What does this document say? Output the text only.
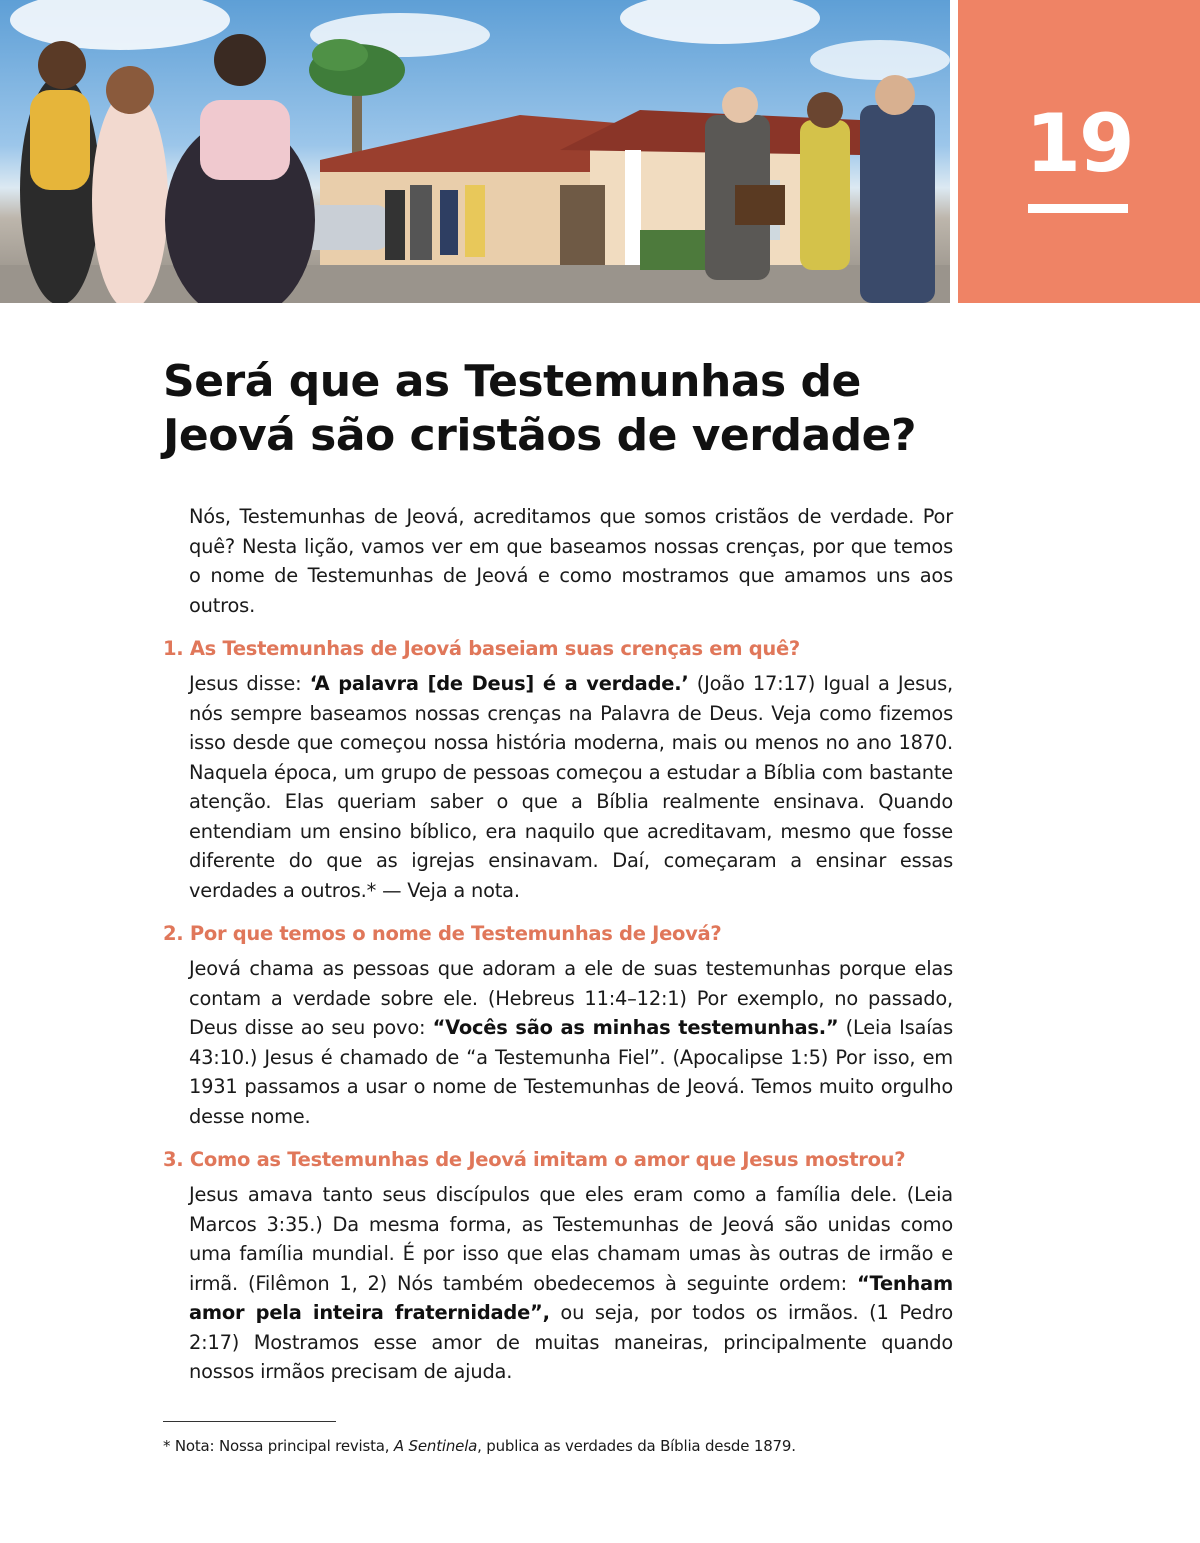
19
Será que as Testemunhas de Jeová são cristãos de verdade?

Nós, Testemunhas de Jeová, acreditamos que somos cristãos de verdade. Por quê? Nesta lição, vamos ver em que baseamos nossas crenças, por que temos o nome de Testemunhas de Jeová e como mostramos que amamos uns aos outros.

1. As Testemunhas de Jeová baseiam suas crenças em quê?

Jesus disse: ‘A palavra [de Deus] é a verdade.’ (João 17:17) Igual a Jesus, nós sempre baseamos nossas crenças na Palavra de Deus. Veja como fizemos isso desde que começou nossa história moderna, mais ou menos no ano 1870. Naquela época, um grupo de pessoas começou a estudar a Bíblia com bastante atenção. Elas queriam saber o que a Bíblia realmente ensinava. Quando entendiam um ensino bíblico, era naquilo que acreditavam, mesmo que fosse diferente do que as igrejas ensinavam. Daí, começaram a ensinar essas verdades a outros.* — Veja a nota.

2. Por que temos o nome de Testemunhas de Jeová?

Jeová chama as pessoas que adoram a ele de suas testemunhas porque elas contam a verdade sobre ele. (Hebreus 11:4–12:1) Por exemplo, no passado, Deus disse ao seu povo: “Vocês são as minhas testemunhas.” (Leia Isaías 43:10.) Jesus é chamado de “a Testemunha Fiel”. (Apocalipse 1:5) Por isso, em 1931 passamos a usar o nome de Testemunhas de Jeová. Temos muito orgulho desse nome.

3. Como as Testemunhas de Jeová imitam o amor que Jesus mostrou?

Jesus amava tanto seus discípulos que eles eram como a família dele. (Leia Marcos 3:35.) Da mesma forma, as Testemunhas de Jeová são unidas como uma família mundial. É por isso que elas chamam umas às outras de irmão e irmã. (Filêmon 1, 2) Nós também obedecemos à seguinte ordem: “Tenham amor pela inteira fraternidade”, ou seja, por todos os irmãos. (1 Pedro 2:17) Mostramos esse amor de muitas maneiras, principalmente quando nossos irmãos precisam de ajuda.

* Nota: Nossa principal revista, A Sentinela, publica as verdades da Bíblia desde 1879.
